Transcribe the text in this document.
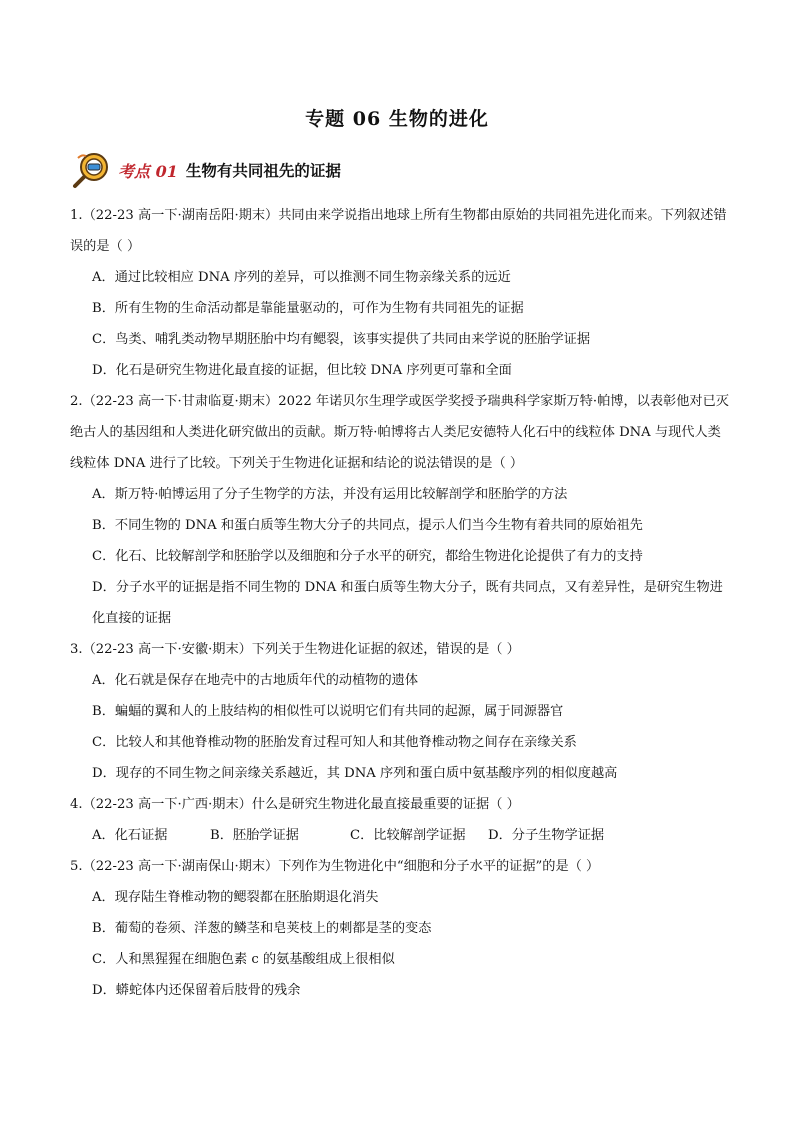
专题 06 生物的进化
考点 01 生物有共同祖先的证据

1.（22-23 高一下·湖南岳阳·期末）共同由来学说指出地球上所有生物都由原始的共同祖先进化而来。下列叙述错误的是（ ）

A．通过比较相应 DNA 序列的差异，可以推测不同生物亲缘关系的远近

B．所有生物的生命活动都是靠能量驱动的，可作为生物有共同祖先的证据

C．鸟类、哺乳类动物早期胚胎中均有鳃裂，该事实提供了共同由来学说的胚胎学证据

D．化石是研究生物进化最直接的证据，但比较 DNA 序列更可靠和全面

2.（22-23 高一下·甘肃临夏·期末）2022 年诺贝尔生理学或医学奖授予瑞典科学家斯万特·帕博，以表彰他对已灭绝古人的基因组和人类进化研究做出的贡献。斯万特·帕博将古人类尼安德特人化石中的线粒体 DNA 与现代人类线粒体 DNA 进行了比较。下列关于生物进化证据和结论的说法错误的是（ ）

A．斯万特·帕博运用了分子生物学的方法，并没有运用比较解剖学和胚胎学的方法

B．不同生物的 DNA 和蛋白质等生物大分子的共同点，提示人们当今生物有着共同的原始祖先

C．化石、比较解剖学和胚胎学以及细胞和分子水平的研究，都给生物进化论提供了有力的支持

D．分子水平的证据是指不同生物的 DNA 和蛋白质等生物大分子，既有共同点，又有差异性，是研究生物进化直接的证据

3.（22-23 高一下·安徽·期末）下列关于生物进化证据的叙述，错误的是（ ）

A．化石就是保存在地壳中的古地质年代的动植物的遗体

B．蝙蝠的翼和人的上肢结构的相似性可以说明它们有共同的起源，属于同源器官

C．比较人和其他脊椎动物的胚胎发育过程可知人和其他脊椎动物之间存在亲缘关系

D．现存的不同生物之间亲缘关系越近，其 DNA 序列和蛋白质中氨基酸序列的相似度越高

4.（22-23 高一下·广西·期末）什么是研究生物进化最直接最重要的证据（ ）

A．化石证据	B．胚胎学证据	C．比较解剖学证据	D．分子生物学证据

5.（22-23 高一下·湖南保山·期末）下列作为生物进化中“细胞和分子水平的证据”的是（ ）

A．现存陆生脊椎动物的鳃裂都在胚胎期退化消失

B．葡萄的卷须、洋葱的鳞茎和皂荚枝上的刺都是茎的变态

C．人和黑猩猩在细胞色素 c 的氨基酸组成上很相似

D．蟒蛇体内还保留着后肢骨的残余
